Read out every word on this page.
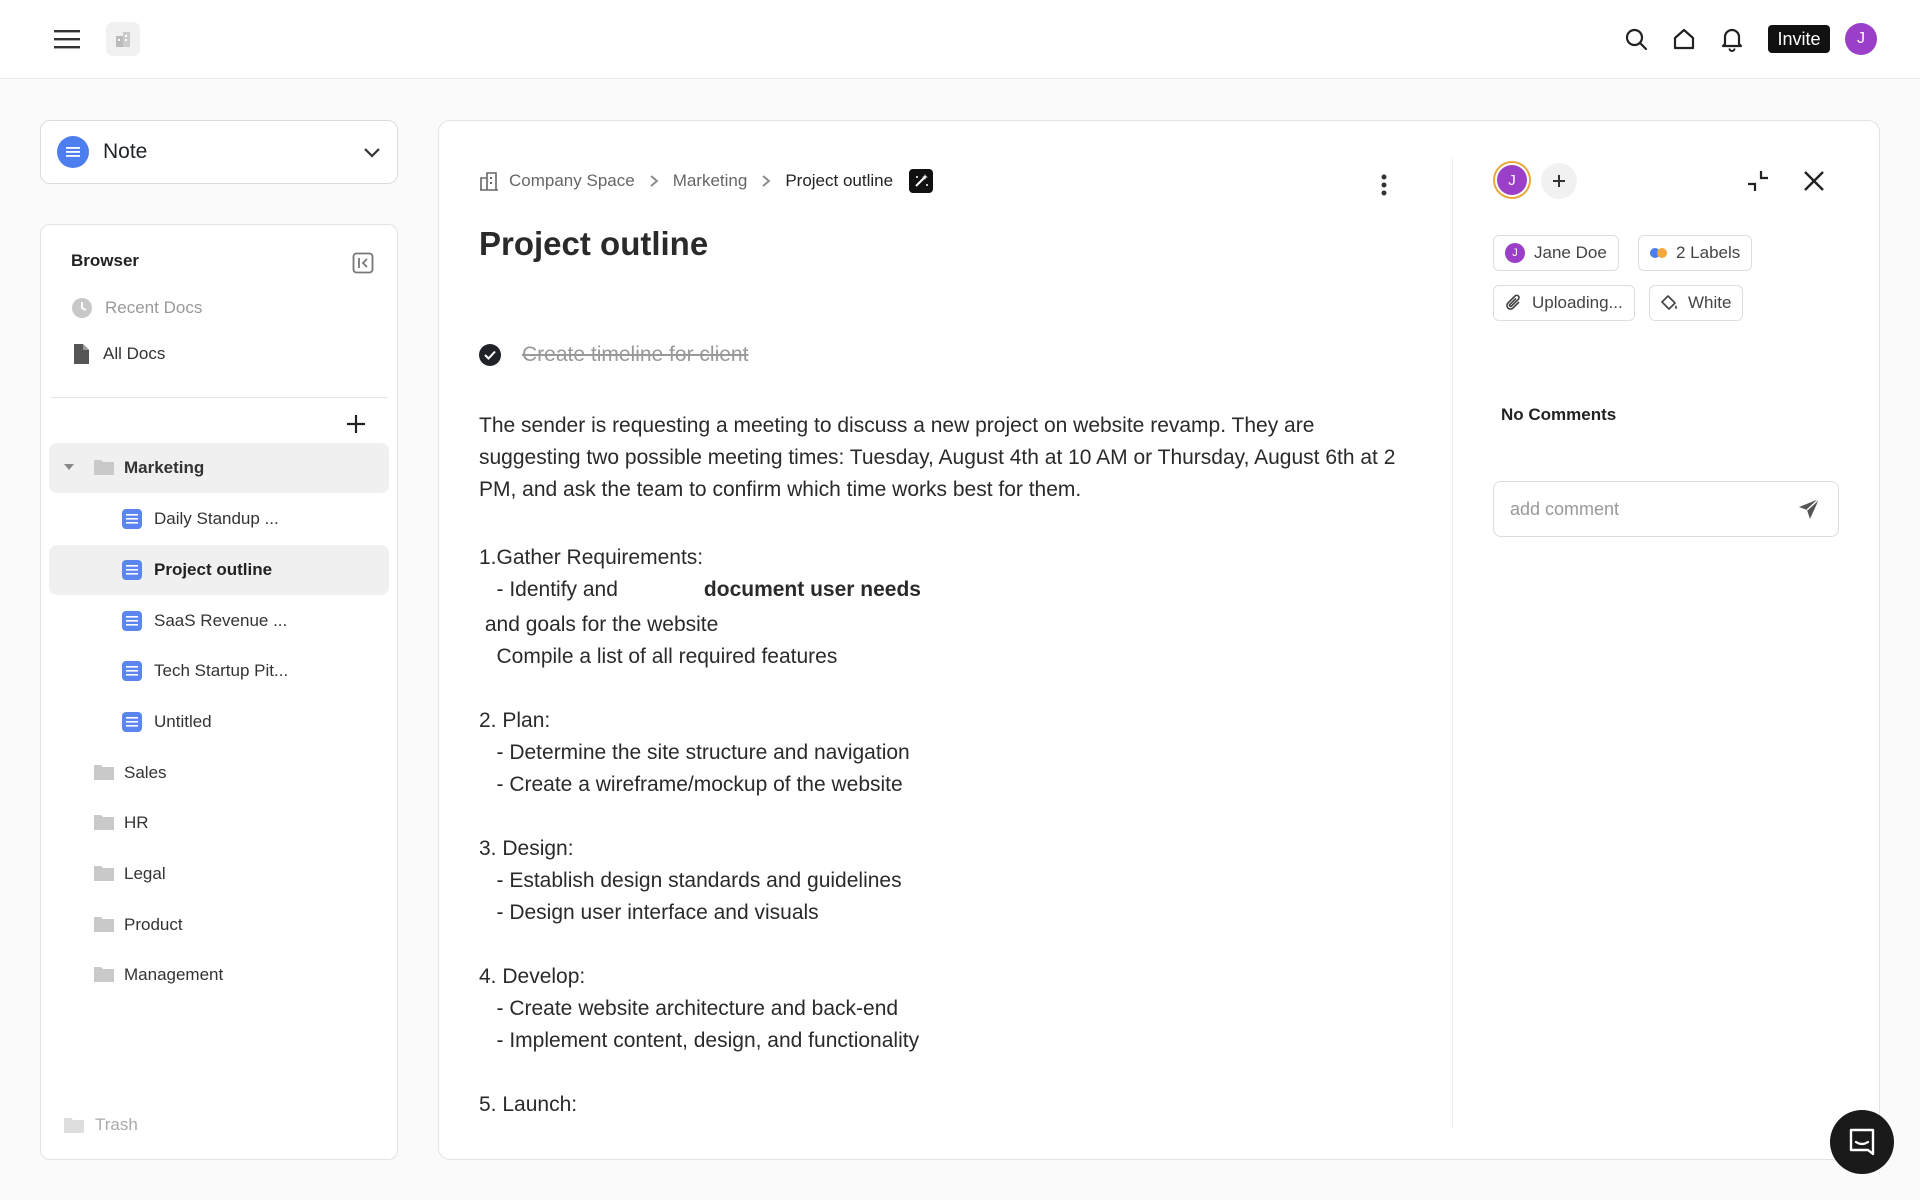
Invite	J
Note
Browser
Recent Docs
All Docs
Marketing
Daily Standup ...
Project outline
SaaS Revenue ...
Tech Startup Pit...
Untitled
Sales
HR
Legal
Product
Management
Trash
Company Space Marketing Project outline
Project outline
Create timeline for client
The sender is requesting a meeting to discuss a new project on website revamp. They are suggesting two possible meeting times: Tuesday, August 4th at 10 AM or Thursday, August 6th at 2 PM, and ask the team to confirm which time works best for them.
1.Gather Requirements:
- Identify and	document user needs
and goals for the website
Compile a list of all required features
2. Plan:
- Determine the site structure and navigation
- Create a wireframe/mockup of the website
3. Design:
- Establish design standards and guidelines
- Design user interface and visuals
4. Develop:
- Create website architecture and back-end
- Implement content, design, and functionality
5. Launch:
J
J Jane Doe	2 Labels
Uploading...	White
No Comments
add comment
